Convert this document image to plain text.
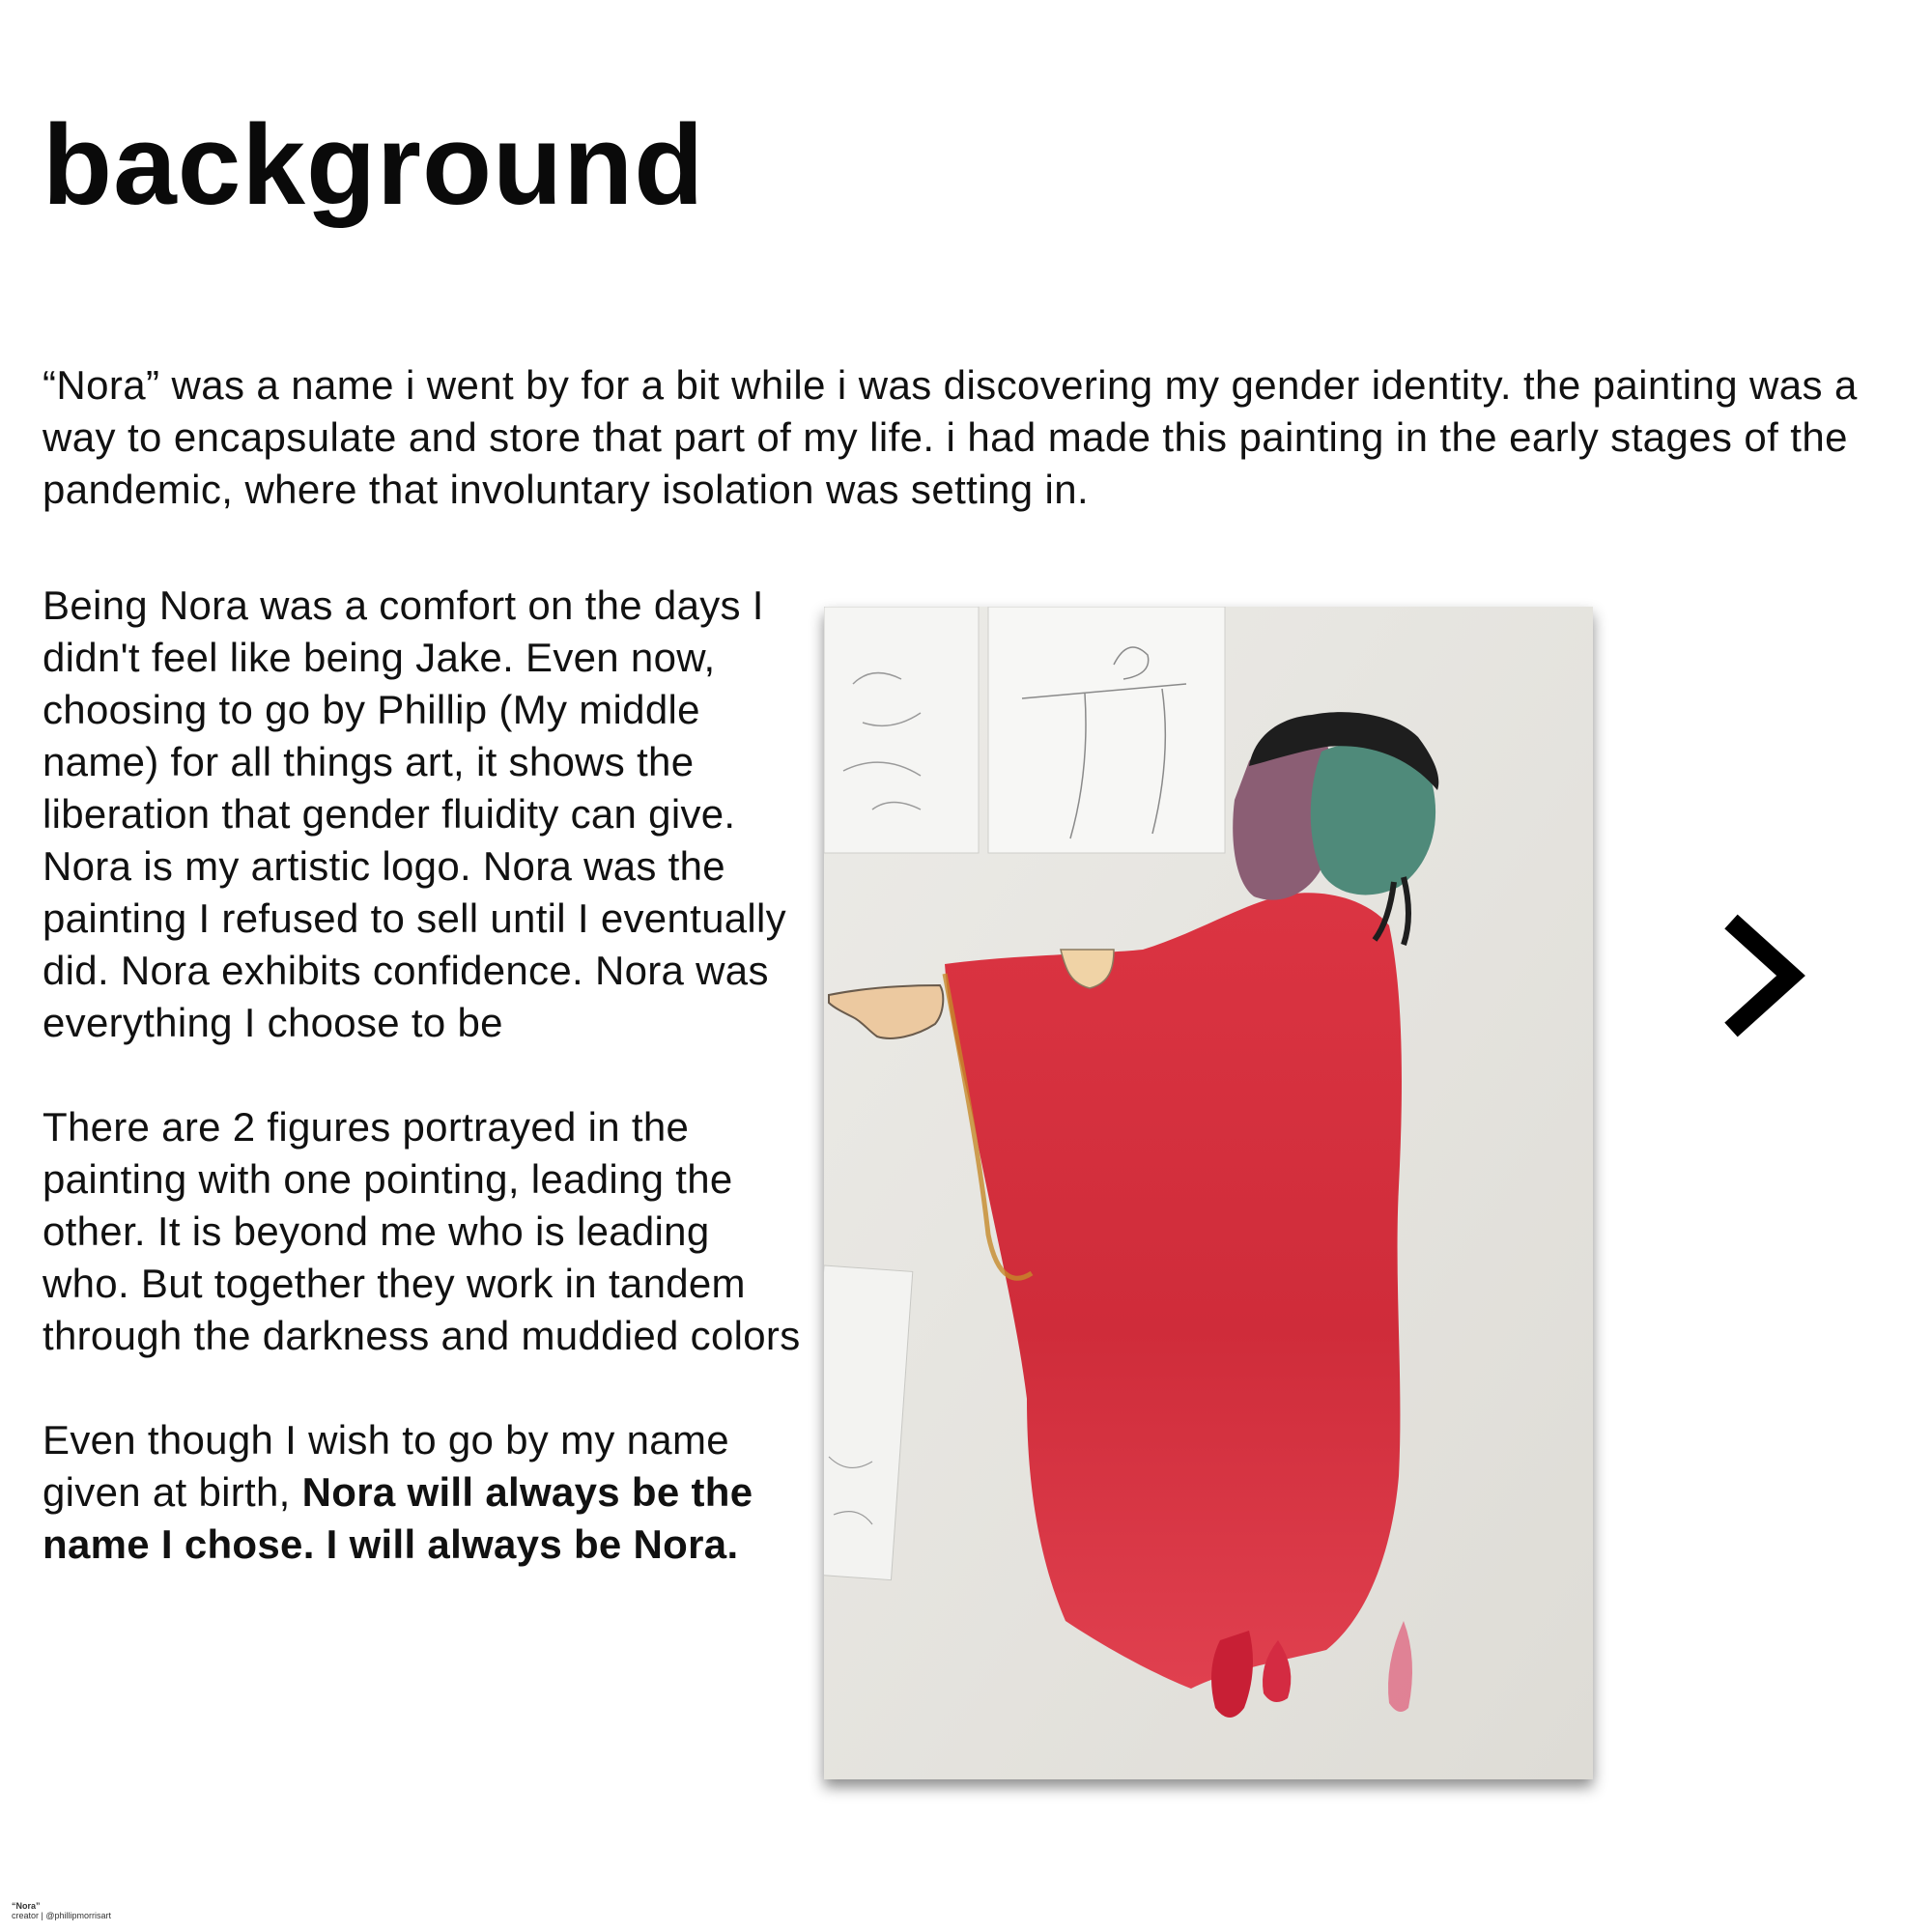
background

“Nora” was a name i went by for a bit while i was discovering my gender identity. the painting was a way to encapsulate and store that part of my life. i had made this painting in the early stages of the pandemic, where that involuntary isolation was setting in.

Being Nora was a comfort on the days I didn't feel like being Jake. Even now, choosing to go by Phillip (My middle name) for all things art, it shows the liberation that gender fluidity can give. Nora is my artistic logo. Nora was the painting I refused to sell until I eventually did. Nora exhibits confidence. Nora was everything I choose to be

There are 2 figures portrayed in the painting with one pointing, leading the other. It is beyond me who is leading who. But together they work in tandem through the darkness and muddied colors

Even though I wish to go by my name given at birth, Nora will always be the name I chose. I will always be Nora.

“Nora”
creator | @phillipmorrisart
